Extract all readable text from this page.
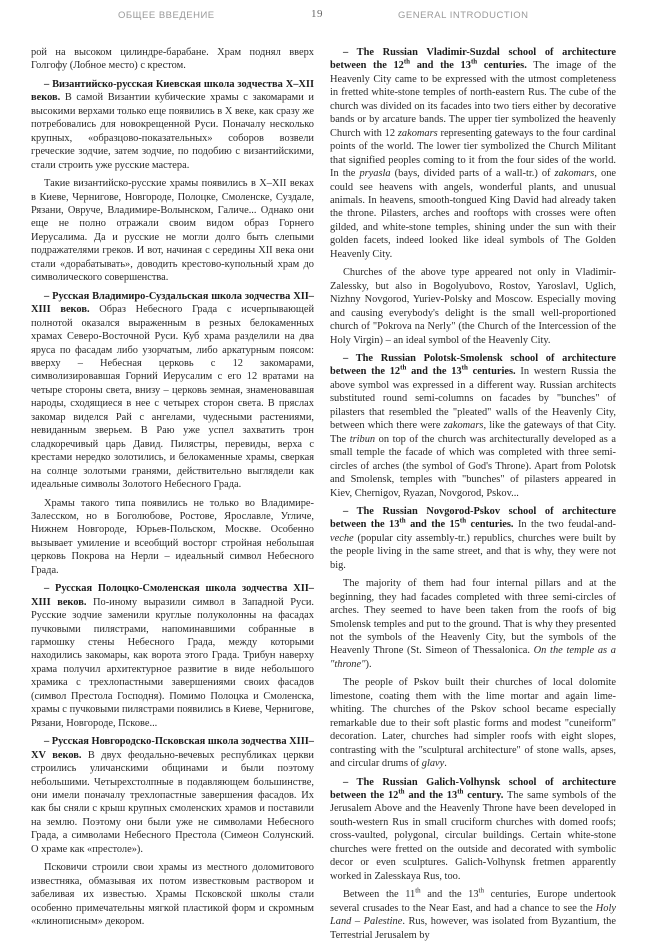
ОБЩЕЕ ВВЕДЕНИЕ	19	GENERAL INTRODUCTION

рой на высоком цилиндре-барабане. Храм поднял вверх Голгофу (Лобное место) с крестом.

– Византийско-русская Киевская школа зодчества X–XII веков. В самой Византии кубические храмы с закомарами и высокими верхами только еще появились в X веке, как сразу же потребовались для новокрещенной Руси. Поначалу несколько крупных, «образцово-показательных» соборов возвели греческие зодчие, затем зодчие, по подобию с византийскими, стали строить уже русские мастера.

Такие византийско-русские храмы появились в X–XII веках в Киеве, Чернигове, Новгороде, Полоцке, Смоленске, Суздале, Рязани, Овруче, Владимире-Волынском, Галиче... Однако они еще не полно отражали своим видом образ Горнего Иерусалима. Да и русские не могли долго быть слепыми подражателями греков. И вот, начиная с середины XII века они стали «дорабатывать», доводить крестово-купольный храм до символического совершенства.

– Русская Владимиро-Суздальская школа зодчества XII–XIII веков. Образ Небесного Града с исчерпывающей полнотой оказался выраженным в резных белокаменных храмах Северо-Восточной Руси. Куб храма разделили на два яруса по фасадам либо узорчатым, либо аркатурным поясом: вверху – Небесная церковь с 12 закомарами, символизировавшая Горний Иерусалим с его 12 вратами на четыре стороны света, внизу – церковь земная, знаменовавшая народы, сходящиеся в нее с четырех сторон света. В пряслах закомар виделся Рай с ангелами, чудесными растениями, невиданным зверьем. В Раю уже успел захватить трон сладкоречивый царь Давид. Пилястры, перевиды, верха с крестами нередко золотились, и белокаменные храмы, сверкая на солнце золотыми гранями, действительно выглядели как идеальные символы Золотого Небесного Града.

Храмы такого типа появились не только во Владимире-Залесском, но в Боголюбове, Ростове, Ярославле, Угличе, Нижнем Новгороде, Юрьев-Польском, Москве. Особенно вызывает умиление и всеобщий восторг стройная небольшая церковь Покрова на Нерли – идеальный символ Небесного Града.

– Русская Полоцко-Смоленская школа зодчества XII–XIII веков. По-иному выразили символ в Западной Руси. Русские зодчие заменили круглые полуколонны на фасадах пучковыми пилястрами, напоминавшими собранные в гармошку стены Небесного Града, между которыми находились закомары, как ворота этого Града. Трибун наверху храма получил архитектурное развитие в виде небольшого храмика с трехлопастными завершениями своих фасадов (символ Престола Господня). Помимо Полоцка и Смоленска, храмы с пучковыми пилястрами появились в Киеве, Чернигове, Рязани, Новгороде, Пскове...

– Русская Новгородско-Псковская школа зодчества XIII–XV веков. В двух феодально-вечевых республиках церкви строились уличанскими общинами и были поэтому небольшими. Четырехстолпные в подавляющем большинстве, они имели поначалу трехлопастные завершения фасадов. Их как бы сняли с крыш крупных смоленских храмов и поставили на землю. Поэтому они были уже не символами Небесного Града, а символами Небесного Престола (Симеон Солунский. О храме как «престоле»).

Псковичи строили свои храмы из местного доломитового известняка, обмазывая их потом известковым раствором и забеливая их известью. Храмы Псковской школы стали особенно примечательны мягкой пластикой форм и скромным «клинописным» декором.

– The Russian Vladimir-Suzdal school of architecture between the 12th and the 13th centuries. The image of the Heavenly City came to be expressed with the utmost completeness in fretted white-stone temples of north-eastern Rus. The cube of the church was divided on its facades into two tiers either by decorative bands or by arcature bands. The upper tier symbolized the heavenly Church with 12 zakomars representing gateways to the four cardinal points of the world. The lower tier symbolized the Church Militant that signified peoples coming to it from the four sides of the world. In the pryasla (bays, divided parts of a wall-tr.) of zakomars, one could see heavens with angels, wonderful plants, and unusual animals. In heavens, smooth-tongued King David had already taken the throne. Pilasters, arches and rooftops with crosses were often gilded, and white-stone temples, shining under the sun with their golden facets, indeed looked like ideal symbols of The Golden Heavenly City.

Churches of the above type appeared not only in Vladimir-Zalessky, but also in Bogolyubovo, Rostov, Yaroslavl, Uglich, Nizhny Novgorod, Yuriev-Polsky and Moscow. Especially moving and causing everybody's delight is the small well-proportioned church of "Pokrova na Nerly" (the Church of the Intercession of the Holy Virgin) – an ideal symbol of the Heavenly City.

– The Russian Polotsk-Smolensk school of architecture between the 12th and the 13th centuries. In western Russia the above symbol was expressed in a different way. Russian architects substituted round semi-columns on facades by "bunches" of pilasters that resembled the "pleated" walls of the Heavenly City, between which there were zakomars, like the gateways of that City. The tribun on top of the church was architecturally developed as a small temple the facade of which was completed with three semi-circles of arches (the symbol of God's Throne). Apart from Polotsk and Smolensk, temples with "bunches" of pilasters appeared in Kiev, Chernigov, Ryazan, Novgorod, Pskov...

– The Russian Novgorod-Pskov school of architecture between the 13th and the 15th centuries. In the two feudal-and-veche (popular city assembly-tr.) republics, churches were built by the people living in the same street, and that is why, they were not big.

The majority of them had four internal pillars and at the beginning, they had facades completed with three semi-circles of arches. They seemed to have been taken from the roofs of big Smolensk temples and put to the ground. That is why they presented not the symbols of the Heavenly City, but the symbols of the Heavenly Throne (St. Simeon of Thessalonica. On the temple as a "throne").

The people of Pskov built their churches of local dolomite limestone, coating them with the lime mortar and again lime-whiting. The churches of the Pskov school became especially remarkable due to their soft plastic forms and modest "cuneiform" decoration. Later, churches had simpler roofs with eight slopes, contrasting with the "sculptural architecture" of stone walls, apses, and circular drums of glavy.

– The Russian Galich-Volhynsk school of architecture between the 12th and the 13th century. The same symbols of the Jerusalem Above and the Heavenly Throne have been developed in south-western Rus in small cruciform churches with domed roofs; cross-vaulted, polygonal, circular buildings. Certain white-stone churches were fretted on the outside and decorated with symbolic decor or even sculptures. Galich-Volhynsk fretmen apparently worked in Zalesskaya Rus, too.

Between the 11th and the 13th centuries, Europe undertook several crusades to the Near East, and had a chance to see the Holy Land – Palestine. Rus, however, was isolated from Byzantium, the Terrestrial Jerusalem by
